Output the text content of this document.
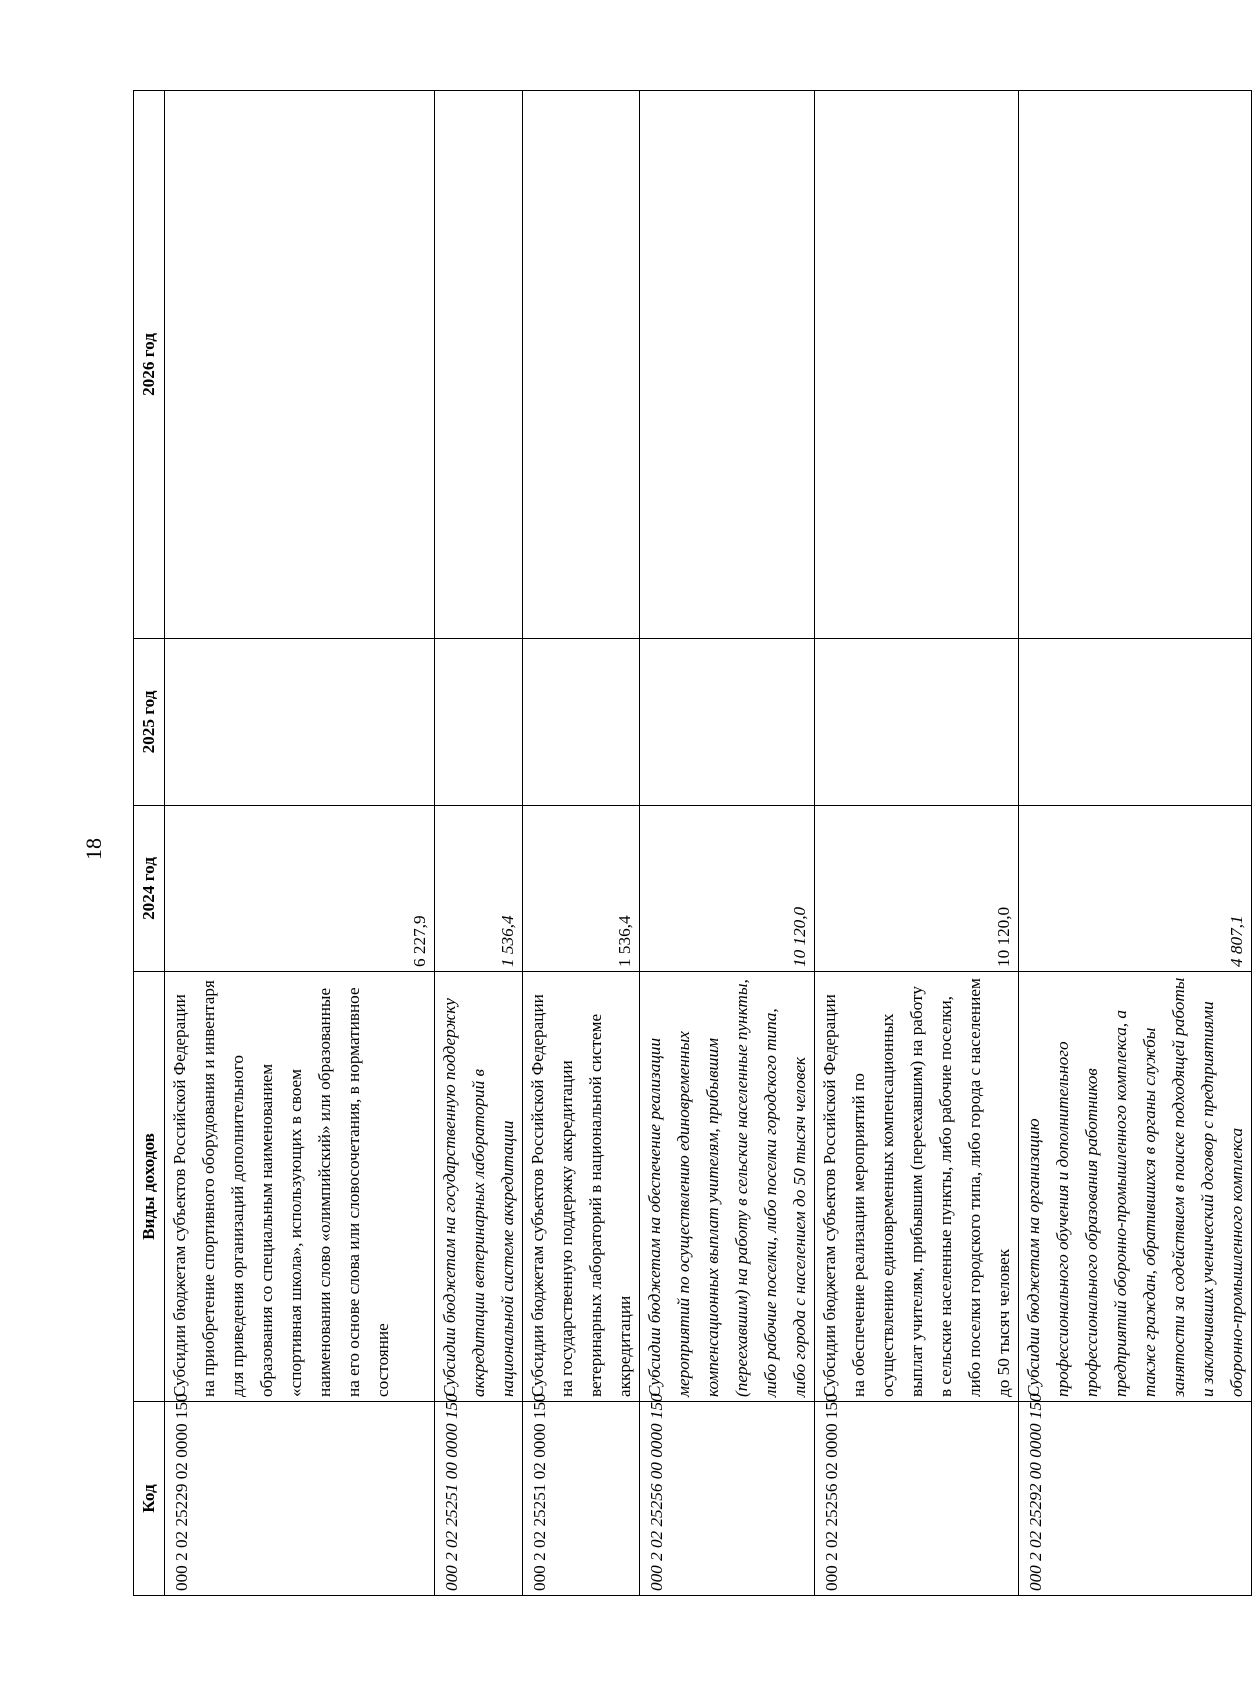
18
Код	Виды доходов	2024 год	2025 год	2026 год
000 2 02 25229 02 0000 150	Субсидии бюджетам субъектов Российской Федерации на приобретение спортивного оборудования и инвентаря для приведения организаций дополнительного образования со специальным наименованием «спортивная школа», использующих в своем наименовании слово «олимпийский» или образованные на его основе слова или словосочетания, в нормативное состояние	6 227,9		
000 2 02 25251 00 0000 150	Субсидии бюджетам на государственную поддержку аккредитации ветеринарных лабораторий в национальной системе аккредитации	1 536,4		
000 2 02 25251 02 0000 150	Субсидии бюджетам субъектов Российской Федерации на государственную поддержку аккредитации ветеринарных лабораторий в национальной системе аккредитации	1 536,4		
000 2 02 25256 00 0000 150	Субсидии бюджетам на обеспечение реализации мероприятий по осуществлению единовременных компенсационных выплат учителям, прибывшим (переехавшим) на работу в сельские населенные пункты, либо рабочие поселки, либо поселки городского типа, либо города с населением до 50 тысяч человек	10 120,0		
000 2 02 25256 02 0000 150	Субсидии бюджетам субъектов Российской Федерации на обеспечение реализации мероприятий по осуществлению единовременных компенсационных выплат учителям, прибывшим (переехавшим) на работу в сельские населенные пункты, либо рабочие поселки, либо поселки городского типа, либо города с населением до 50 тысяч человек	10 120,0		
000 2 02 25292 00 0000 150	Субсидии бюджетам на организацию профессионального обучения и дополнительного профессионального образования работников предприятий оборонно-промышленного комплекса, а также граждан, обратившихся в органы службы занятости за содействием в поиске подходящей работы и заключивших ученический договор с предприятиями оборонно-промышленного комплекса	4 807,1		
